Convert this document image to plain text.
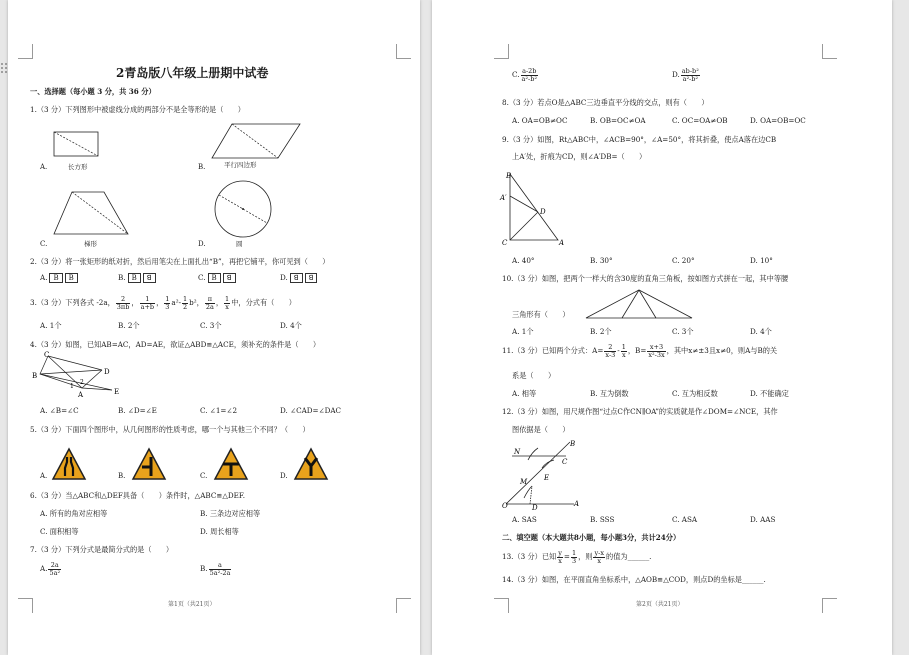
2青岛版八年级上册期中试卷
一、选择题（每小题 3 分，共 36 分）
1.（3 分）下列图形中被虚线分成的两部分不是全等形的是（　　）
长方形
A.	平行四边形
B.
梯形
C.	圆
D.
2.（3 分）将一张矩形的纸对折，然后用笔尖在上面扎出“B”，再把它铺平，你可见到（　　）
A. B B	B. B ꓭ	C. B ꓭ	D. ꓭ ꓭ
3.（3 分）下列各式 -2a， $\frac{2}{3\pi b}$ ， $\frac{1}{a+b}$ ， $\frac{1}{3} a^2- \frac{1}{2} b^2$， $\frac{\pi}{2a}$ ， $\frac{1}{x}$ 中，分式有（　　）
A. 1个	B. 2个	C. 3个	D. 4个
4.（3 分）如图，已知AB=AC，AD=AE，欲证△ABD≌△ACE，须补充的条件是（　　）
C
D
B
1
2
E
A
A. ∠B=∠C	B. ∠D=∠E	C. ∠1=∠2	D. ∠CAD=∠DAC
5.（3 分）下面四个图形中，从几何图形的性质考虑，哪一个与其他三个不同？（　　）
A.	B.	C.	D.
6.（3 分）当△ABC和△DEF具备（　　）条件时，△ABC≌△DEF.
A. 所有的角对应相等	B. 三条边对应相等
C. 面积相等	D. 周长相等
7.（3 分）下列分式是最简分式的是（　　）
A. $\frac{2a}{\text{5a²}}$	B. $\frac{a}{\text{5a²-2a}}$
第1页（共21页）
C. $\frac{a-2b}{\text{a²-b²}}$	D. $\frac{\text{ab-b²}}{\text{a²-b²}}$
8.（3 分）若点O是△ABC三边垂直平分线的交点，则有（　　）
A. OA=OB≠OC	B. OB=OC≠OA	C. OC=OA≠OB	D. OA=OB=OC
9.（3 分）如图，Rt△ABC中，∠ACB=90°，∠A=50°，将其折叠，使点A落在边CB
上A′处，折痕为CD，则∠A′DB=（　　）
B
A′
D
C	A
A. 40°	B. 30°	C. 20°	D. 10°
10.（3 分）如图，把两个一样大的含30度的直角三角板，按如图方式拼在一起，其中等腰
三角形有（　　）
A. 1个	B. 2个	C. 3个	D. 4个
11.（3 分）已知两个分式：$A= \frac{2}{x-3} - \frac{1}{x}$ ，$B= \frac{x+3}{\text{x²-3x}}$ ，其中x≠±3且x≠0，则A与B的关
系是（　　）
A. 相等	B. 互为倒数	C. 互为相反数	D. 不能确定
12.（3 分）如图，用尺规作图“过点C作CN∥OA”的实质就是作∠DOM=∠NCE，其作
图依据是（　　）
B
N
C
M E
O	D	A
A. SAS	B. SSS	C. ASA	D. AAS
二、填空题（本大题共8小题，每小题3分，共计24分）
13.（3 分）已知 $\frac{y}{x} = \frac{1}{3}$ ，则 $\frac{y-x}{x}$ 的值为______.
14.（3 分）如图，在平面直角坐标系中，△AOB≌△COD，则点D的坐标是______.
第2页（共21页）
